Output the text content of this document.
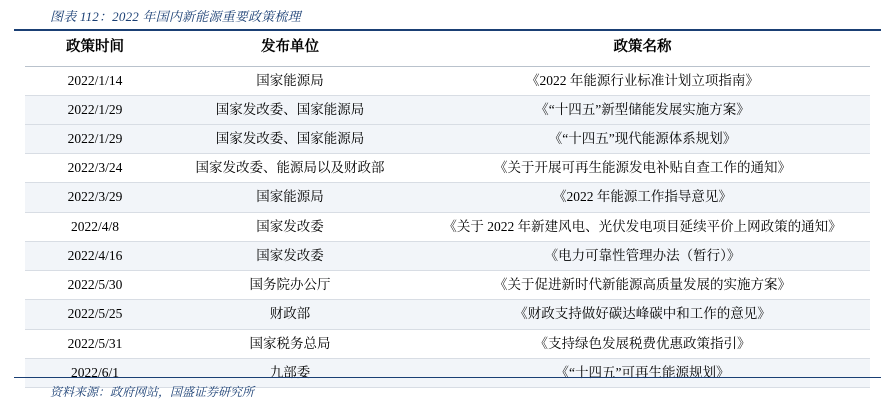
图表 112：2022 年国内新能源重要政策梳理
政策时间	发布单位	政策名称
2022/1/14	国家能源局	《2022 年能源行业标准计划立项指南》
2022/1/29	国家发改委、国家能源局	《“十四五”新型储能发展实施方案》
2022/1/29	国家发改委、国家能源局	《“十四五”现代能源体系规划》
2022/3/24	国家发改委、能源局以及财政部	《关于开展可再生能源发电补贴自查工作的通知》
2022/3/29	国家能源局	《2022 年能源工作指导意见》
2022/4/8	国家发改委	《关于 2022 年新建风电、光伏发电项目延续平价上网政策的通知》
2022/4/16	国家发改委	《电力可靠性管理办法（暂行）》
2022/5/30	国务院办公厅	《关于促进新时代新能源高质量发展的实施方案》
2022/5/25	财政部	《财政支持做好碳达峰碳中和工作的意见》
2022/5/31	国家税务总局	《支持绿色发展税费优惠政策指引》
2022/6/1	九部委	《“十四五”可再生能源规划》
资料来源：政府网站，国盛证券研究所
